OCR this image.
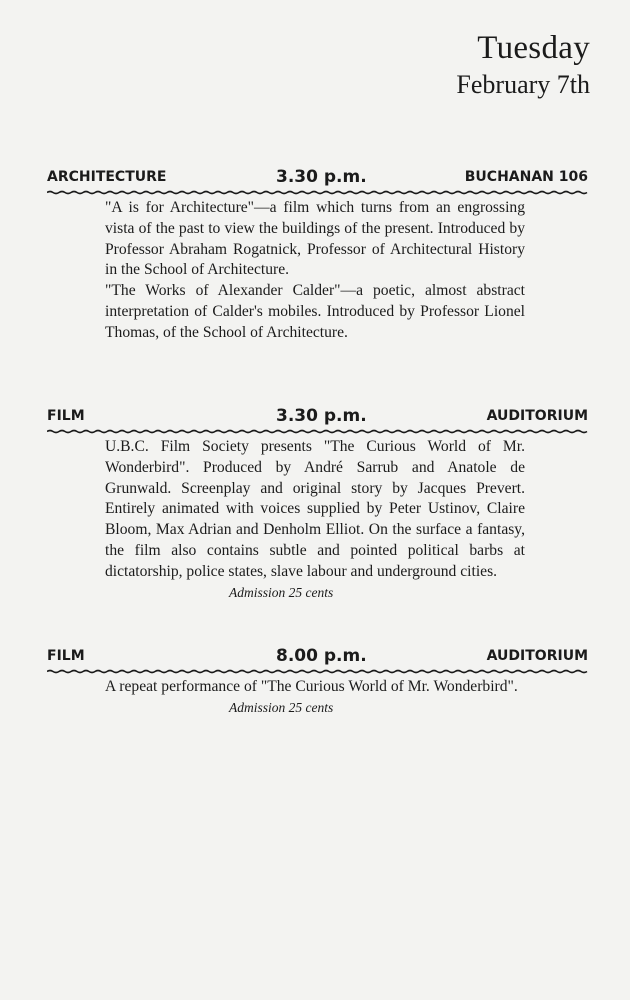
Tuesday
February 7th
ARCHITECTURE	3.30 p.m.	BUCHANAN 106

"A is for Architecture"—a film which turns from an engrossing vista of the past to view the buildings of the present. Introduced by Professor Abraham Rogatnick, Professor of Architectural History in the School of Architecture.

"The Works of Alexander Calder"—a poetic, almost abstract interpretation of Calder's mobiles. Introduced by Professor Lionel Thomas, of the School of Architecture.

FILM	3.30 p.m.	AUDITORIUM

U.B.C. Film Society presents "The Curious World of Mr. Wonderbird". Produced by André Sarrub and Anatole de Grunwald. Screenplay and original story by Jacques Prevert. Entirely animated with voices supplied by Peter Ustinov, Claire Bloom, Max Adrian and Denholm Elliot. On the surface a fantasy, the film also contains subtle and pointed political barbs at dictatorship, police states, slave labour and underground cities.

Admission 25 cents

FILM	8.00 p.m.	AUDITORIUM

A repeat performance of "The Curious World of Mr. Wonderbird".

Admission 25 cents
